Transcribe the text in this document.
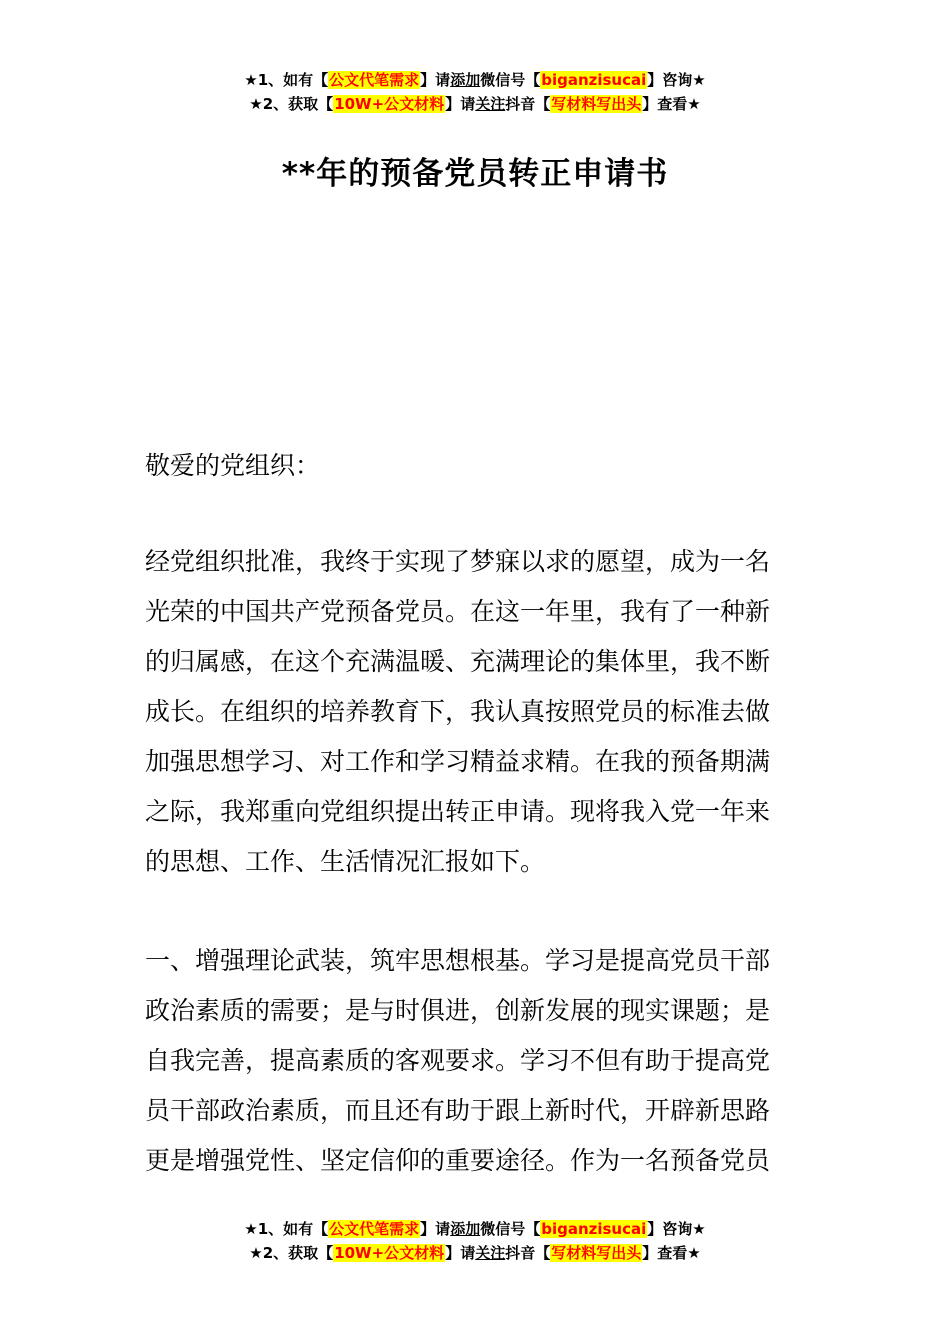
★1、如有【公文代笔需求】请添加微信号【biganzisucai】咨询★
★2、获取【10W+公文材料】请关注抖音【写材料写出头】查看★
**年的预备党员转正申请书
敬爱的党组织：
经党组织批准，我终于实现了梦寐以求的愿望，成为一名
光荣的中国共产党预备党员。在这一年里，我有了一种新
的归属感，在这个充满温暖、充满理论的集体里，我不断
成长。在组织的培养教育下，我认真按照党员的标准去做
加强思想学习、对工作和学习精益求精。在我的预备期满
之际，我郑重向党组织提出转正申请。现将我入党一年来
的思想、工作、生活情况汇报如下。
一、增强理论武装，筑牢思想根基。学习是提高党员干部
政治素质的需要；是与时俱进，创新发展的现实课题；是
自我完善，提高素质的客观要求。学习不但有助于提高党
员干部政治素质，而且还有助于跟上新时代，开辟新思路
更是增强党性、坚定信仰的重要途径。作为一名预备党员
★1、如有【公文代笔需求】请添加微信号【biganzisucai】咨询★
★2、获取【10W+公文材料】请关注抖音【写材料写出头】查看★
